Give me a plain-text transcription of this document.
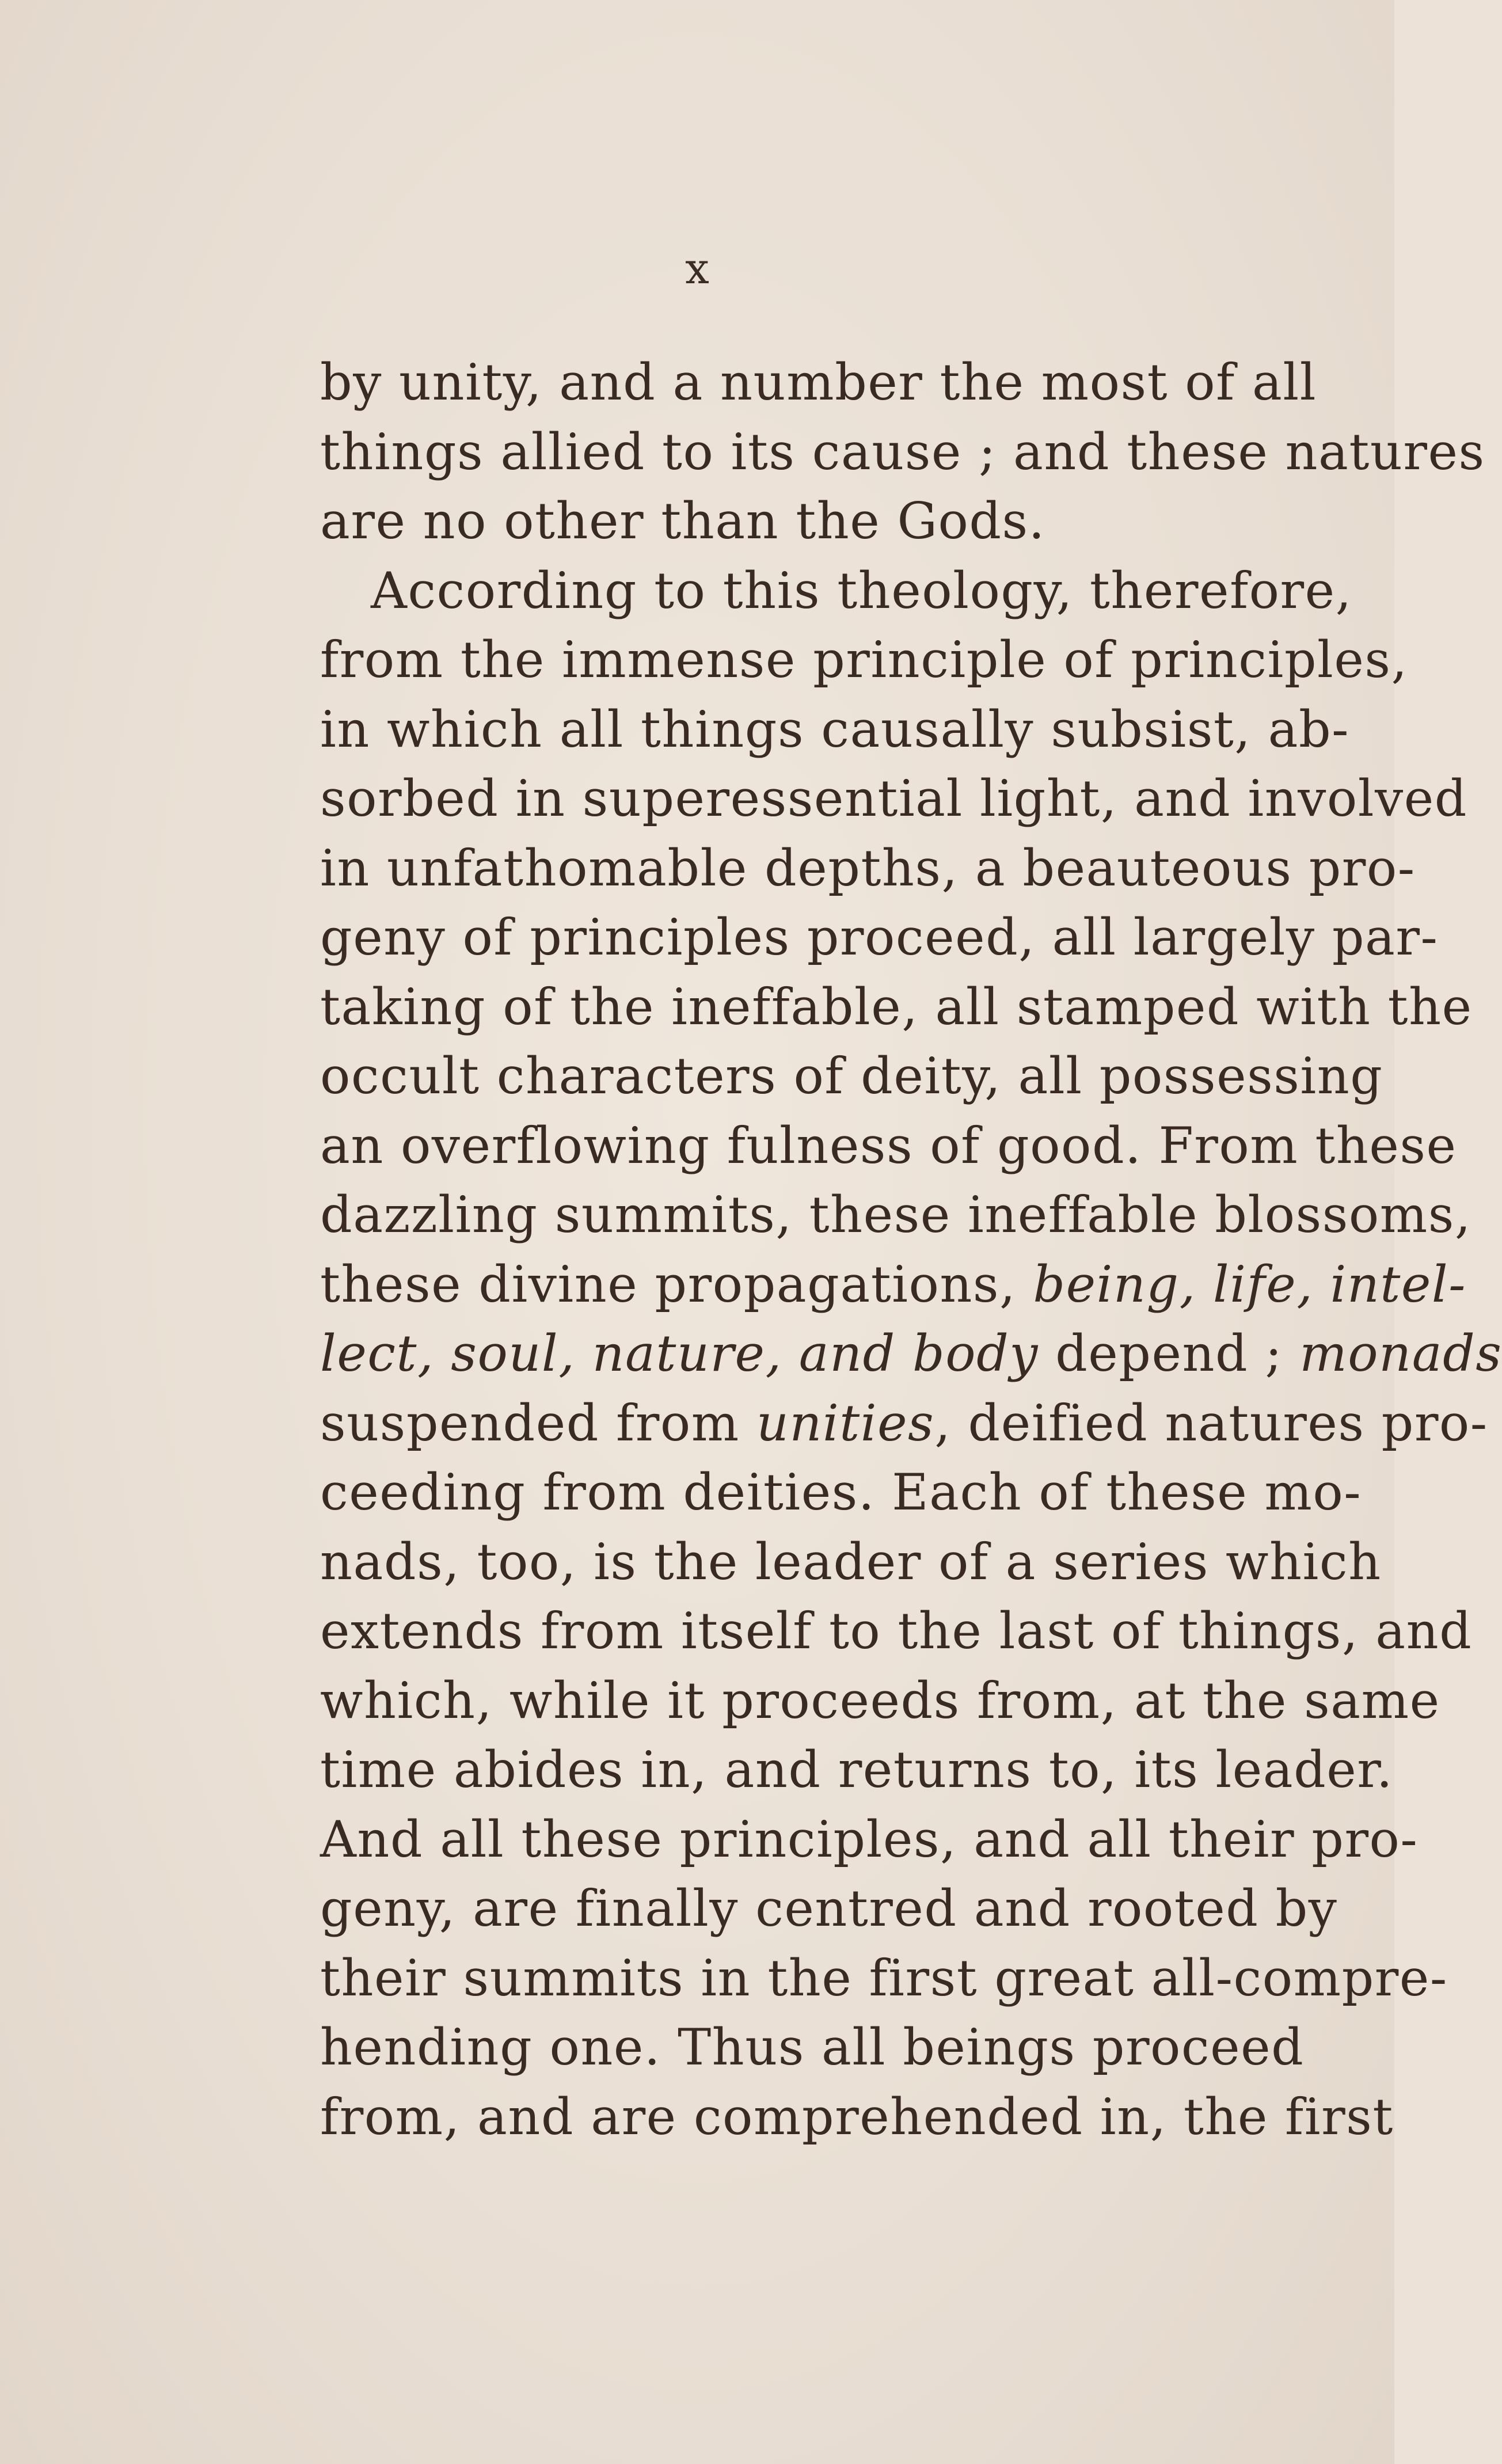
x
by unity, and a number the most of all
things allied to its cause ; and these natures
are no other than the Gods.
According to this theology, therefore,
from the immense principle of principles,
in which all things causally subsist, ab-
sorbed in superessential light, and involved
in unfathomable depths, a beauteous pro-
geny of principles proceed, all largely par-
taking of the ineffable, all stamped with the
occult characters of deity, all possessing
an overflowing fulness of good. From these
dazzling summits, these ineffable blossoms,
these divine propagations, being, life, intel-
lect, soul, nature, and body depend ; monads
suspended from unities, deified natures pro-
ceeding from deities. Each of these mo-
nads, too, is the leader of a series which
extends from itself to the last of things, and
which, while it proceeds from, at the same
time abides in, and returns to, its leader.
And all these principles, and all their pro-
geny, are finally centred and rooted by
their summits in the first great all-compre-
hending one. Thus all beings proceed
from, and are comprehended in, the first
